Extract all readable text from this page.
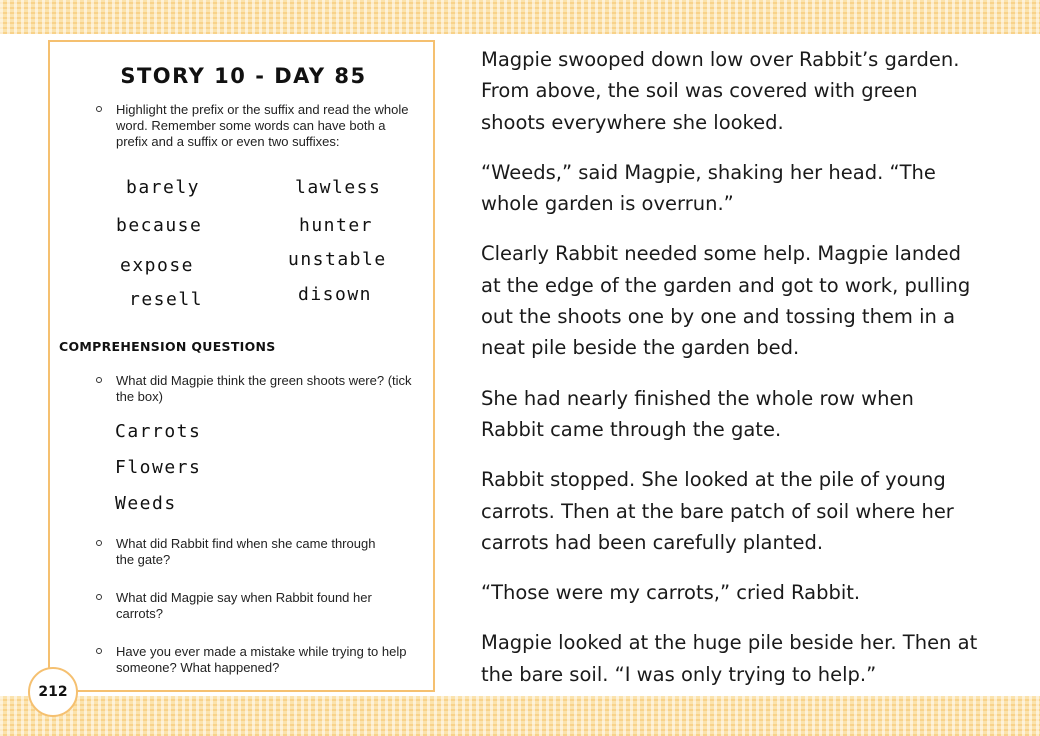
STORY 10 - DAY 85
Highlight the prefix or the suffix and read the whole word. Remember some words can have both a prefix and a suffix or even two suffixes:
barely
because
expose
resell
lawless
hunter
unstable
disown
COMPREHENSION QUESTIONS
What did Magpie think the green shoots were? (tick the box)
Carrots
Flowers
Weeds
What did Rabbit find when she came through the gate?
What did Magpie say when Rabbit found her carrots?
Have you ever made a mistake while trying to help someone? What happened?
212

Magpie swooped down low over Rabbit’s garden. From above, the soil was covered with green shoots everywhere she looked.

“Weeds,” said Magpie, shaking her head. “The whole garden is overrun.”

Clearly Rabbit needed some help. Magpie landed at the edge of the garden and got to work, pulling out the shoots one by one and tossing them in a neat pile beside the garden bed.

She had nearly finished the whole row when Rabbit came through the gate.

Rabbit stopped. She looked at the pile of young carrots. Then at the bare patch of soil where her carrots had been carefully planted.

“Those were my carrots,” cried Rabbit.

Magpie looked at the huge pile beside her. Then at the bare soil. “I was only trying to help.”
